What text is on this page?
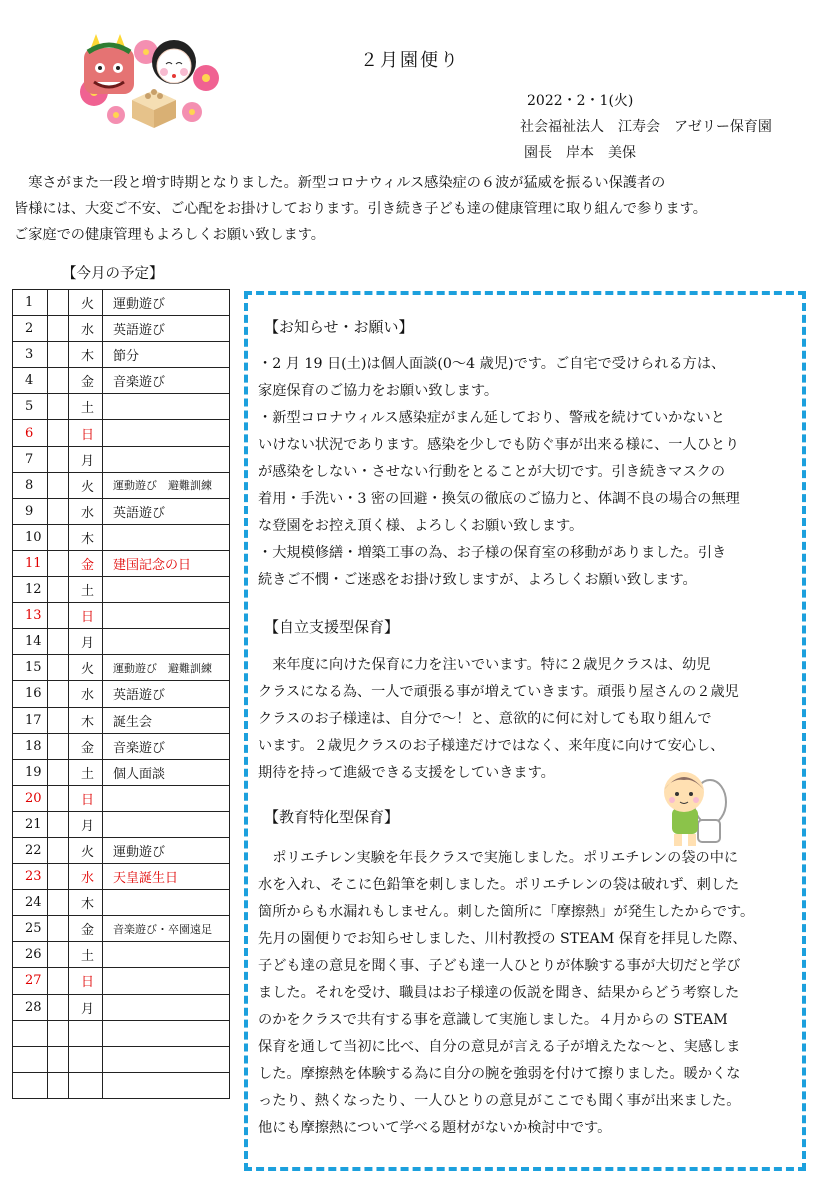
２月園便り
2022・2・1(火)
社会福祉法人　江寿会　アゼリー保育園
園長　岸本　美保

　寒さがまた一段と増す時期となりました。新型コロナウィルス感染症の６波が猛威を振るい保護者の

皆様には、大変ご不安、ご心配をお掛けしております。引き続き子ども達の健康管理に取り組んで参ります。

ご家庭での健康管理もよろしくお願い致します。

【今月の予定】
1		火	運動遊び
2		水	英語遊び
3		木	節分
4		金	音楽遊び
5		土	
6		日	
7		月	
8		火	運動遊び　避難訓練
9		水	英語遊び
10		木	
11		金	建国記念の日
12		土	
13		日	
14		月	
15		火	運動遊び　避難訓練
16		水	英語遊び
17		木	誕生会
18		金	音楽遊び
19		土	個人面談
20		日	
21		月	
22		火	運動遊び
23		水	天皇誕生日
24		木	
25		金	音楽遊び・卒園遠足
26		土	
27		日	
28		月	

【お知らせ・お願い】

・2 月 19 日(土)は個人面談(0〜4 歳児)です。ご自宅で受けられる方は、

家庭保育のご協力をお願い致します。

・新型コロナウィルス感染症がまん延しており、警戒を続けていかないと

いけない状況であります。感染を少しでも防ぐ事が出来る様に、一人ひとり

が感染をしない・させない行動をとることが大切です。引き続きマスクの

着用・手洗い・3 密の回避・換気の徹底のご協力と、体調不良の場合の無理

な登園をお控え頂く様、よろしくお願い致します。

・大規模修繕・増築工事の為、お子様の保育室の移動がありました。引き

続きご不憫・ご迷惑をお掛け致しますが、よろしくお願い致します。

【自立支援型保育】

　来年度に向けた保育に力を注いでいます。特に２歳児クラスは、幼児

クラスになる為、一人で頑張る事が増えていきます。頑張り屋さんの２歳児

クラスのお子様達は、自分で〜！と、意欲的に何に対しても取り組んで

います。２歳児クラスのお子様達だけではなく、来年度に向けて安心し、

期待を持って進級できる支援をしていきます。

【教育特化型保育】

　ポリエチレン実験を年長クラスで実施しました。ポリエチレンの袋の中に

水を入れ、そこに色鉛筆を刺しました。ポリエチレンの袋は破れず、刺した

箇所からも水漏れもしません。刺した箇所に「摩擦熱」が発生したからです。

先月の園便りでお知らせしました、川村教授の STEAM 保育を拝見した際、

子ども達の意見を聞く事、子ども達一人ひとりが体験する事が大切だと学び

ました。それを受け、職員はお子様達の仮説を聞き、結果からどう考察した

のかをクラスで共有する事を意識して実施しました。４月からの STEAM

保育を通して当初に比べ、自分の意見が言える子が増えたな〜と、実感しま

した。摩擦熱を体験する為に自分の腕を強弱を付けて擦りました。暖かくな

ったり、熱くなったり、一人ひとりの意見がここでも聞く事が出来ました。

他にも摩擦熱について学べる題材がないか検討中です。
